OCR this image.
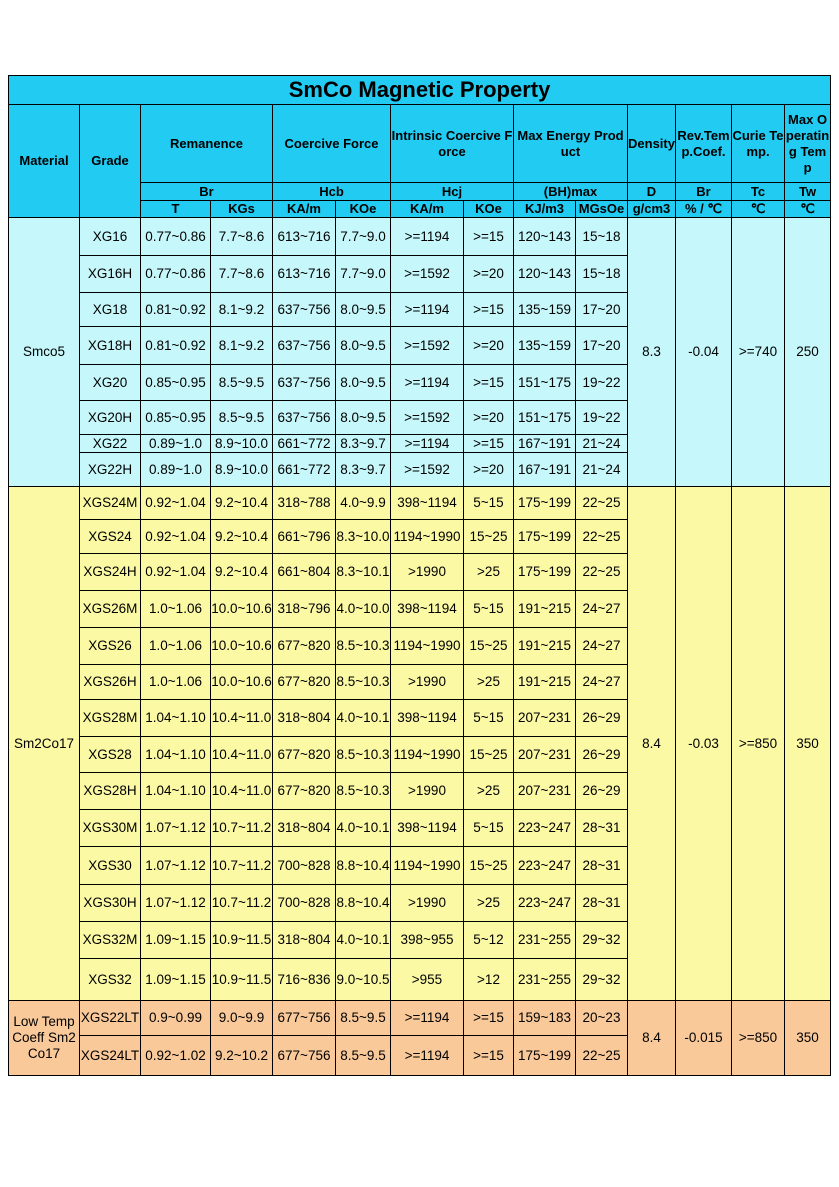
SmCo Magnetic Property													
Material	Grade	Remanence		Coercive Force		Intrinsic Coercive Force		Max Energy Product		Density	Rev.Temp.Coef.	Curie Temp.	Max Operating Temp
		Br		Hcb		Hcj		(BH)max		D	Br	Tc	Tw
		T	KGs	KA/m	KOe	KA/m	KOe	KJ/m3	MGsOe	g/cm3	% / ℃	℃	℃
Smco5	XG16	0.77~0.86	7.7~8.6	613~716	7.7~9.0	>=1194	>=15	120~143	15~18	8.3	-0.04	>=740	250
	XG16H	0.77~0.86	7.7~8.6	613~716	7.7~9.0	>=1592	>=20	120~143	15~18				
	XG18	0.81~0.92	8.1~9.2	637~756	8.0~9.5	>=1194	>=15	135~159	17~20				
	XG18H	0.81~0.92	8.1~9.2	637~756	8.0~9.5	>=1592	>=20	135~159	17~20				
	XG20	0.85~0.95	8.5~9.5	637~756	8.0~9.5	>=1194	>=15	151~175	19~22				
	XG20H	0.85~0.95	8.5~9.5	637~756	8.0~9.5	>=1592	>=20	151~175	19~22				
	XG22	0.89~1.0	8.9~10.0	661~772	8.3~9.7	>=1194	>=15	167~191	21~24				
	XG22H	0.89~1.0	8.9~10.0	661~772	8.3~9.7	>=1592	>=20	167~191	21~24				
Sm2Co17	XGS24M	0.92~1.04	9.2~10.4	318~788	4.0~9.9	398~1194	5~15	175~199	22~25	8.4	-0.03	>=850	350
	XGS24	0.92~1.04	9.2~10.4	661~796	8.3~10.0	1194~1990	15~25	175~199	22~25				
	XGS24H	0.92~1.04	9.2~10.4	661~804	8.3~10.1	>1990	>25	175~199	22~25				
	XGS26M	1.0~1.06	10.0~10.6	318~796	4.0~10.0	398~1194	5~15	191~215	24~27				
	XGS26	1.0~1.06	10.0~10.6	677~820	8.5~10.3	1194~1990	15~25	191~215	24~27				
	XGS26H	1.0~1.06	10.0~10.6	677~820	8.5~10.3	>1990	>25	191~215	24~27				
	XGS28M	1.04~1.10	10.4~11.0	318~804	4.0~10.1	398~1194	5~15	207~231	26~29				
	XGS28	1.04~1.10	10.4~11.0	677~820	8.5~10.3	1194~1990	15~25	207~231	26~29				
	XGS28H	1.04~1.10	10.4~11.0	677~820	8.5~10.3	>1990	>25	207~231	26~29				
	XGS30M	1.07~1.12	10.7~11.2	318~804	4.0~10.1	398~1194	5~15	223~247	28~31				
	XGS30	1.07~1.12	10.7~11.2	700~828	8.8~10.4	1194~1990	15~25	223~247	28~31				
	XGS30H	1.07~1.12	10.7~11.2	700~828	8.8~10.4	>1990	>25	223~247	28~31				
	XGS32M	1.09~1.15	10.9~11.5	318~804	4.0~10.1	398~955	5~12	231~255	29~32				
	XGS32	1.09~1.15	10.9~11.5	716~836	9.0~10.5	>955	>12	231~255	29~32				
Low Temp Coeff Sm2Co17	XGS22LT	0.9~0.99	9.0~9.9	677~756	8.5~9.5	>=1194	>=15	159~183	20~23	8.4	-0.015	>=850	350
	XGS24LT	0.92~1.02	9.2~10.2	677~756	8.5~9.5	>=1194	>=15	175~199	22~25				
